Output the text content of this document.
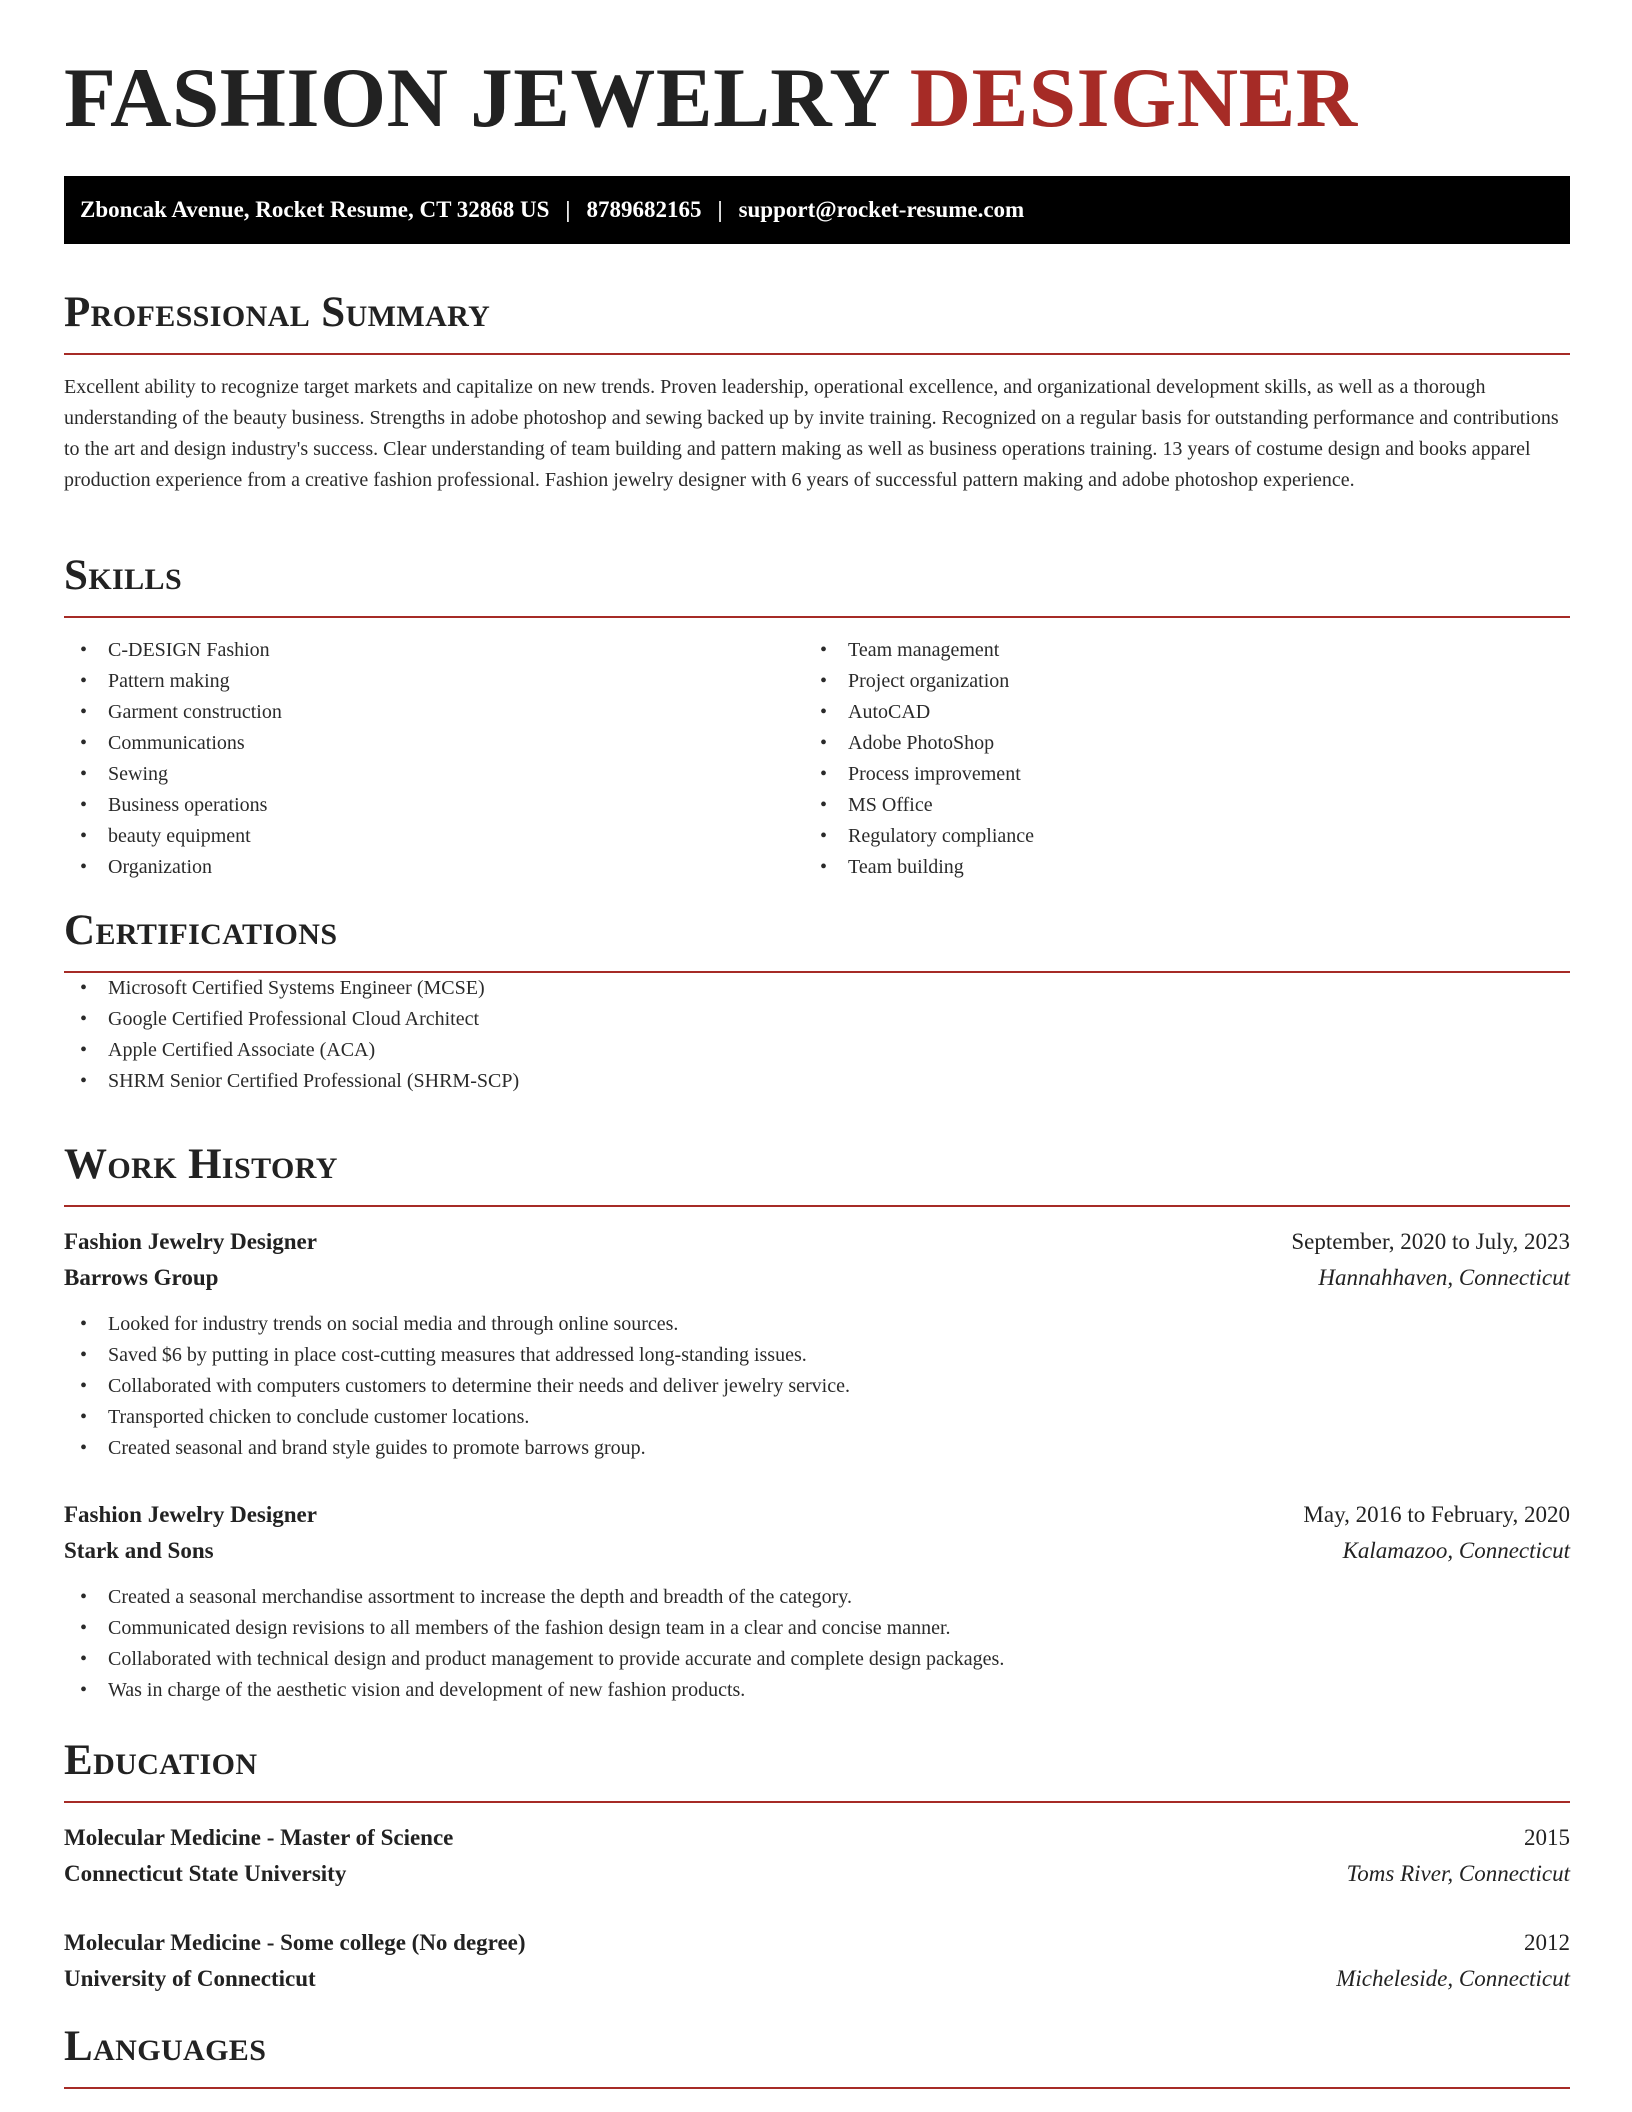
FASHION JEWELRY DESIGNER
Zboncak Avenue, Rocket Resume, CT 32868 US | 8789682165 | support@rocket-resume.com
Professional Summary

Excellent ability to recognize target markets and capitalize on new trends. Proven leadership, operational excellence, and organizational development skills, as well as a thorough understanding of the beauty business. Strengths in adobe photoshop and sewing backed up by invite training. Recognized on a regular basis for outstanding performance and contributions to the art and design industry's success. Clear understanding of team building and pattern making as well as business operations training. 13 years of costume design and books apparel production experience from a creative fashion professional. Fashion jewelry designer with 6 years of successful pattern making and adobe photoshop experience.

Skills
• C-DESIGN Fashion
• Pattern making
• Garment construction
• Communications
• Sewing
• Business operations
• beauty equipment
• Organization
• Team management
• Project organization
• AutoCAD
• Adobe PhotoShop
• Process improvement
• MS Office
• Regulatory compliance
• Team building
Certifications
• Microsoft Certified Systems Engineer (MCSE)
• Google Certified Professional Cloud Architect
• Apple Certified Associate (ACA)
• SHRM Senior Certified Professional (SHRM-SCP)
Work History
Fashion Jewelry Designer	September, 2020 to July, 2023
Barrows Group	Hannahhaven, Connecticut
• Looked for industry trends on social media and through online sources.
• Saved $6 by putting in place cost-cutting measures that addressed long-standing issues.
• Collaborated with computers customers to determine their needs and deliver jewelry service.
• Transported chicken to conclude customer locations.
• Created seasonal and brand style guides to promote barrows group.
Fashion Jewelry Designer	May, 2016 to February, 2020
Stark and Sons	Kalamazoo, Connecticut
• Created a seasonal merchandise assortment to increase the depth and breadth of the category.
• Communicated design revisions to all members of the fashion design team in a clear and concise manner.
• Collaborated with technical design and product management to provide accurate and complete design packages.
• Was in charge of the aesthetic vision and development of new fashion products.
Education
Molecular Medicine - Master of Science	2015
Connecticut State University	Toms River, Connecticut
Molecular Medicine - Some college (No degree)	2012
University of Connecticut	Micheleside, Connecticut
Languages
